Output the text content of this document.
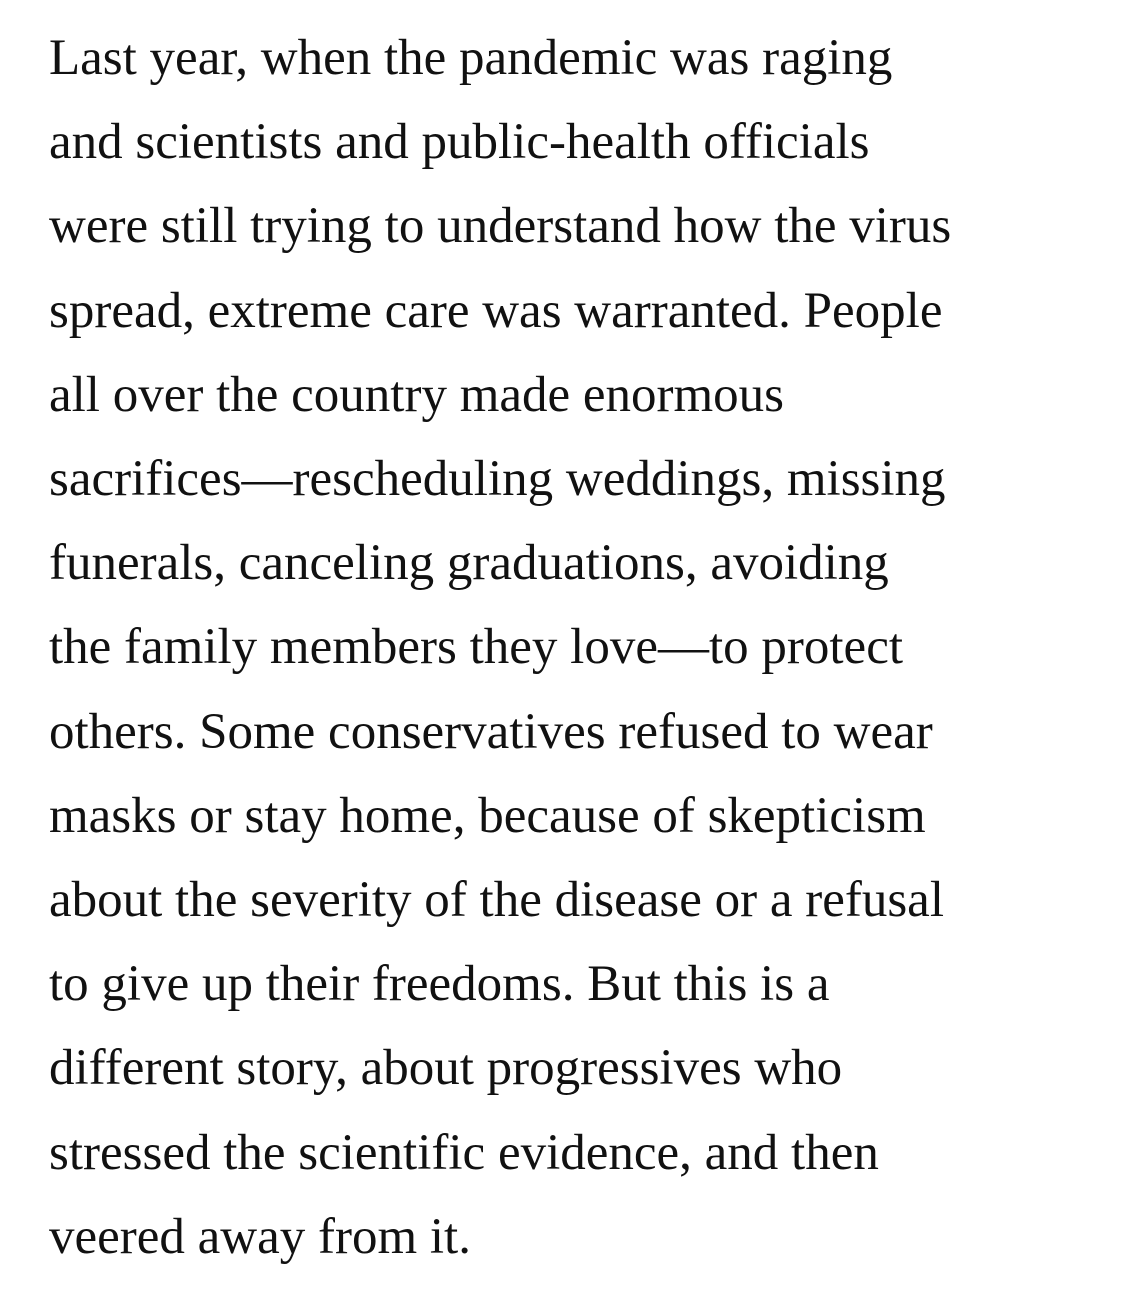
Last year, when the pandemic was raging
and scientists and public-health officials
were still trying to understand how the virus
spread, extreme care was warranted. People
all over the country made enormous
sacrifices—rescheduling weddings, missing
funerals, canceling graduations, avoiding
the family members they love—to protect
others. Some conservatives refused to wear
masks or stay home, because of skepticism
about the severity of the disease or a refusal
to give up their freedoms. But this is a
different story, about progressives who
stressed the scientific evidence, and then
veered away from it.
